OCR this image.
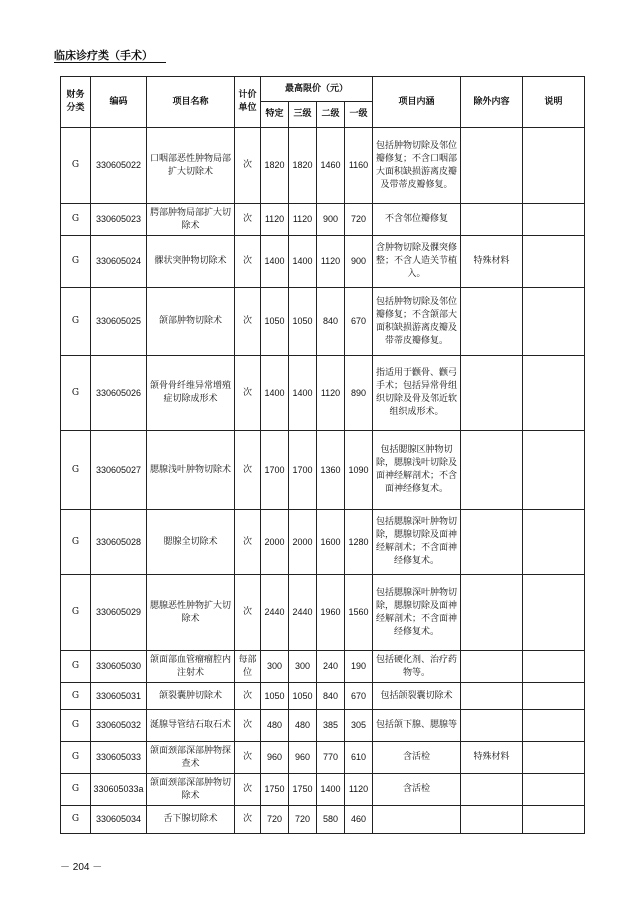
临床诊疗类（手术）
财务分类	编码	项目名称	计价单位	最高限价（元）				项目内涵	除外内容	说明
				特定	三级	二级	一级			
G	330605022	口咽部恶性肿物局部扩大切除术	次	1820	1820	1460	1160	包括肿物切除及邻位瓣修复；不含口咽部大面积缺损游离皮瓣及带蒂皮瓣修复。		
G	330605023	腭部肿物局部扩大切除术	次	1120	1120	900	720	不含邻位瓣修复		
G	330605024	髁状突肿物切除术	次	1400	1400	1120	900	含肿物切除及髁突修整；不含人造关节植入。	特殊材料	
G	330605025	颌部肿物切除术	次	1050	1050	840	670	包括肿物切除及邻位瓣修复；不含颌部大面积缺损游离皮瓣及带蒂皮瓣修复。		
G	330605026	颌骨骨纤维异常增殖症切除成形术	次	1400	1400	1120	890	指适用于颧骨、颧弓手术；包括异常骨组织切除及骨及邻近软组织成形术。		
G	330605027	腮腺浅叶肿物切除术	次	1700	1700	1360	1090	包括腮腺区肿物切除，腮腺浅叶切除及面神经解剖术；不含面神经修复术。		
G	330605028	腮腺全切除术	次	2000	2000	1600	1280	包括腮腺深叶肿物切除，腮腺切除及面神经解剖术；不含面神经修复术。		
G	330605029	腮腺恶性肿物扩大切除术	次	2440	2440	1960	1560	包括腮腺深叶肿物切除，腮腺切除及面神经解剖术；不含面神经修复术。		
G	330605030	颌面部血管瘤瘤腔内注射术	每部位	300	300	240	190	包括硬化剂、治疗药物等。		
G	330605031	颌裂囊肿切除术	次	1050	1050	840	670	包括颌裂囊切除术		
G	330605032	涎腺导管结石取石术	次	480	480	385	305	包括颌下腺、腮腺等		
G	330605033	颌面颈部深部肿物探查术	次	960	960	770	610	含活检	特殊材料	
G	330605033a	颌面颈部深部肿物切除术	次	1750	1750	1400	1120	含活检		
G	330605034	舌下腺切除术	次	720	720	580	460			
－ 204 －
